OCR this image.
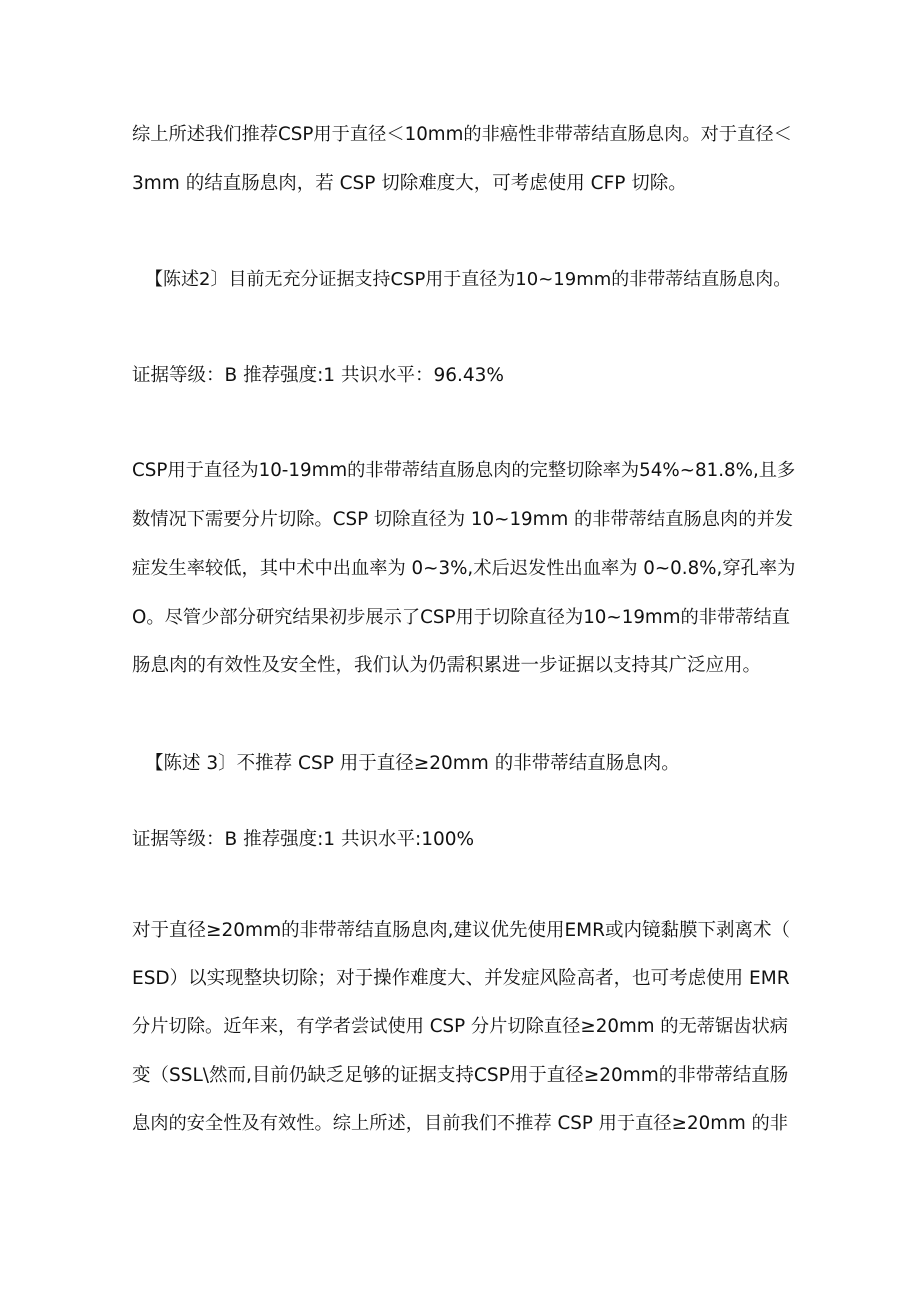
综上所述我们推荐CSP用于直径＜10mm的非癌性非带蒂结直肠息肉。对于直径＜

3mm 的结直肠息肉，若 CSP 切除难度大，可考虑使用 CFP 切除。

【陈述2〕目前无充分证据支持CSP用于直径为10~19mm的非带蒂结直肠息肉。

证据等级：B 推荐强度:1 共识水平：96.43%

CSP用于直径为10-19mm的非带蒂结直肠息肉的完整切除率为54%~81.8%,且多

数情况下需要分片切除。CSP 切除直径为 10~19mm 的非带蒂结直肠息肉的并发

症发生率较低，其中术中出血率为 0~3%,术后迟发性出血率为 0~0.8%,穿孔率为

O。尽管少部分研究结果初步展示了CSP用于切除直径为10~19mm的非带蒂结直

肠息肉的有效性及安全性，我们认为仍需积累进一步证据以支持其广泛应用。

【陈述 3〕不推荐 CSP 用于直径≥20mm 的非带蒂结直肠息肉。

证据等级：B 推荐强度:1 共识水平:100%

对于直径≥20mm的非带蒂结直肠息肉,建议优先使用EMR或内镜黏膜下剥离术（

ESD）以实现整块切除；对于操作难度大、并发症风险高者，也可考虑使用 EMR

分片切除。近年来，有学者尝试使用 CSP 分片切除直径≥20mm 的无蒂锯齿状病

变（SSL\然而,目前仍缺乏足够的证据支持CSP用于直径≥20mm的非带蒂结直肠

息肉的安全性及有效性。综上所述，目前我们不推荐 CSP 用于直径≥20mm 的非
